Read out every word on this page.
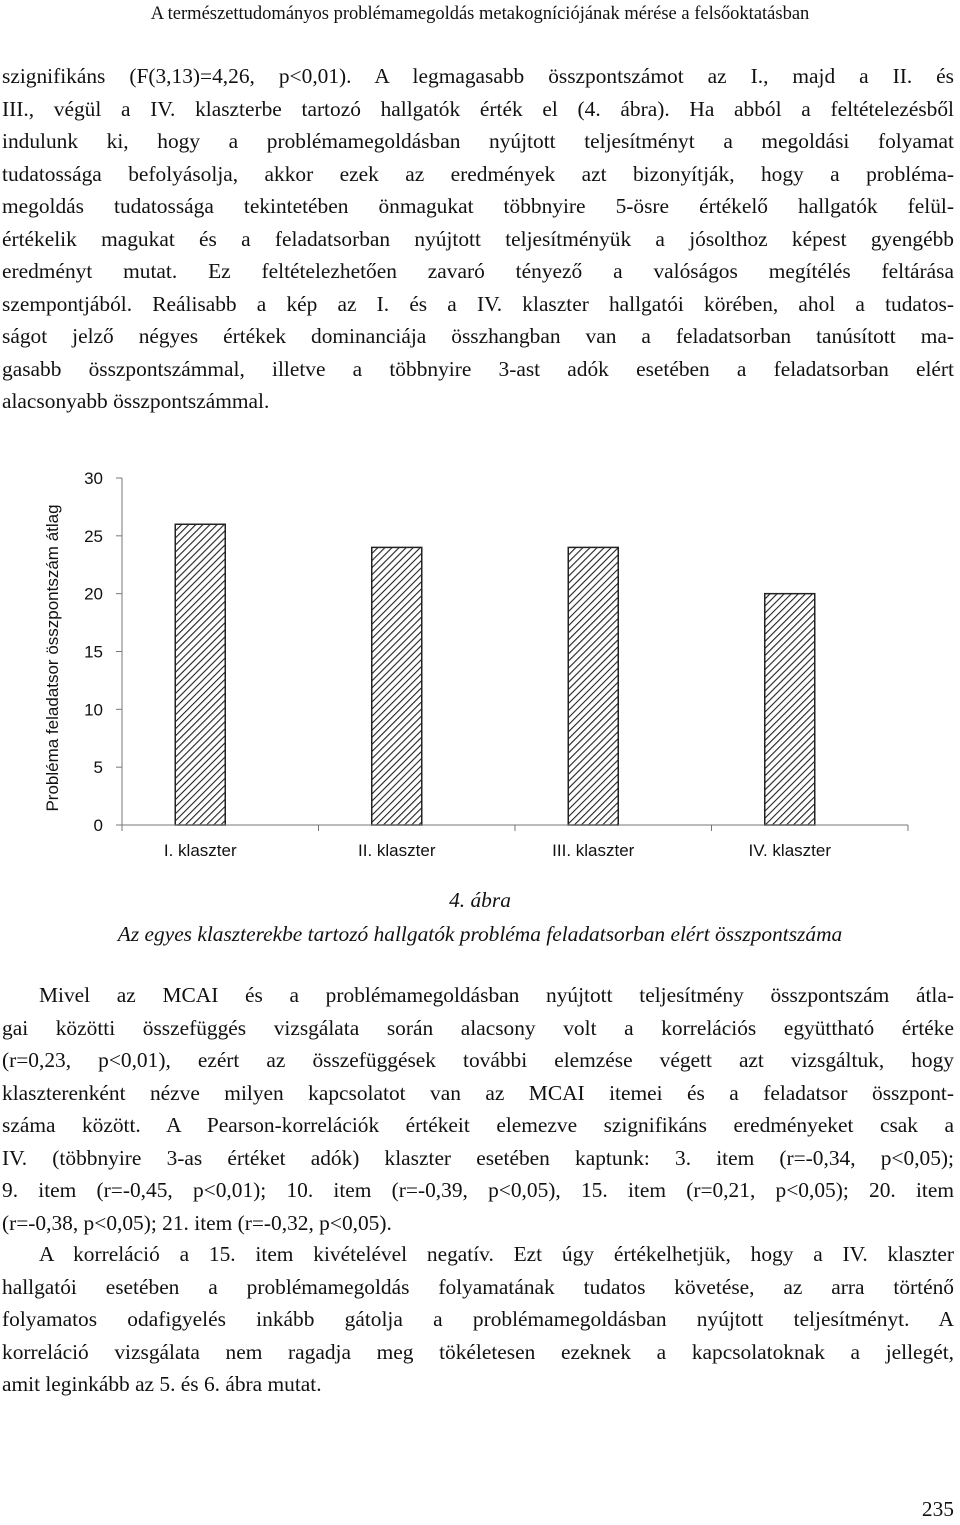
A természettudományos problémamegoldás metakogníciójának mérése a felsőoktatásban
szignifikáns (F(3,13)=4,26, p<0,01). A legmagasabb összpontszámot az I., majd a II. és
III., végül a IV. klaszterbe tartozó hallgatók érték el (4. ábra). Ha abból a feltételezésből
indulunk ki, hogy a problémamegoldásban nyújtott teljesítményt a megoldási folyamat
tudatossága befolyásolja, akkor ezek az eredmények azt bizonyítják, hogy a probléma-
megoldás tudatossága tekintetében önmagukat többnyire 5-ösre értékelő hallgatók felül-
értékelik magukat és a feladatsorban nyújtott teljesítményük a jósolthoz képest gyengébb
eredményt mutat. Ez feltételezhetően zavaró tényező a valóságos megítélés feltárása
szempontjából. Reálisabb a kép az I. és a IV. klaszter hallgatói körében, ahol a tudatos-
ságot jelző négyes értékek dominanciája összhangban van a feladatsorban tanúsított ma-
gasabb összpontszámmal, illetve a többnyire 3-ast adók esetében a feladatsorban elért
alacsonyabb összpontszámmal.
Probléma feladatsor összpontszám átlag
0
5
10
15
20
25
30
I. klaszter	II. klaszter	III. klaszter	IV. klaszter
4. ábra
Az egyes klaszterekbe tartozó hallgatók probléma feladatsorban elért összpontszáma
Mivel az MCAI és a problémamegoldásban nyújtott teljesítmény összpontszám átla-
gai közötti összefüggés vizsgálata során alacsony volt a korrelációs együttható értéke
(r=0,23, p<0,01), ezért az összefüggések további elemzése végett azt vizsgáltuk, hogy
klaszterenként nézve milyen kapcsolatot van az MCAI itemei és a feladatsor összpont-
száma között. A Pearson-korrelációk értékeit elemezve szignifikáns eredményeket csak a
IV. (többnyire 3-as értéket adók) klaszter esetében kaptunk: 3. item (r=-0,34, p<0,05);
9. item (r=-0,45, p<0,01); 10. item (r=-0,39, p<0,05), 15. item (r=0,21, p<0,05); 20. item
(r=-0,38, p<0,05); 21. item (r=-0,32, p<0,05).
A korreláció a 15. item kivételével negatív. Ezt úgy értékelhetjük, hogy a IV. klaszter
hallgatói esetében a problémamegoldás folyamatának tudatos követése, az arra történő
folyamatos odafigyelés inkább gátolja a problémamegoldásban nyújtott teljesítményt. A
korreláció vizsgálata nem ragadja meg tökéletesen ezeknek a kapcsolatoknak a jellegét,
amit leginkább az 5. és 6. ábra mutat.
235
